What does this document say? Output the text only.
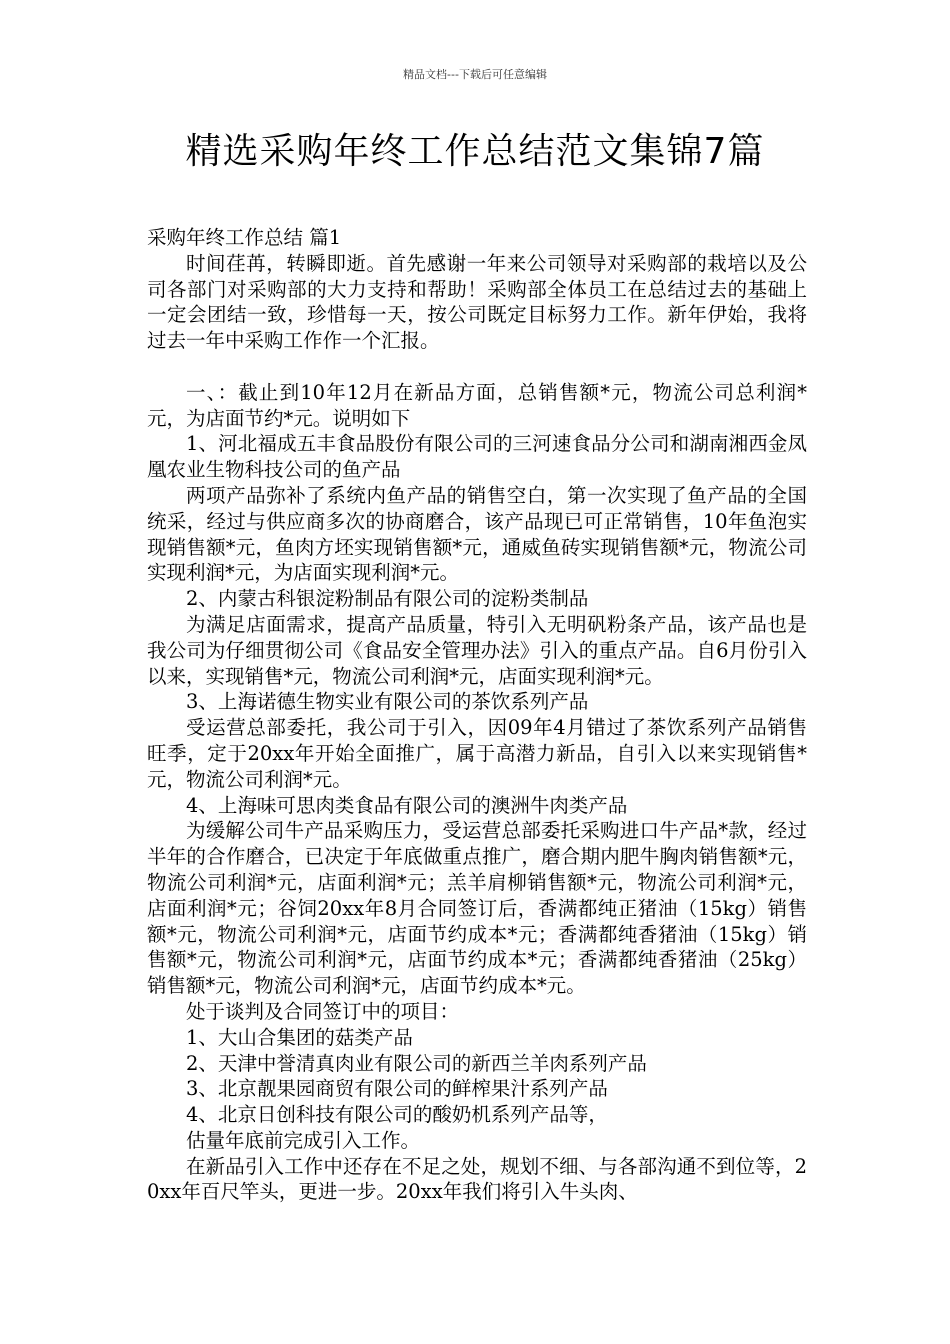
精品文档---下载后可任意编辑
精选采购年终工作总结范文集锦7篇

采购年终工作总结 篇1

时间荏苒，转瞬即逝。首先感谢一年来公司领导对采购部的栽培以及公司各部门对采购部的大力支持和帮助！采购部全体员工在总结过去的基础上一定会团结一致，珍惜每一天，按公司既定目标努力工作。新年伊始，我将过去一年中采购工作作一个汇报。

一、：截止到10年12月在新品方面，总销售额*元，物流公司总利润*元，为店面节约*元。说明如下

1、河北福成五丰食品股份有限公司的三河速食品分公司和湖南湘西金凤凰农业生物科技公司的鱼产品

两项产品弥补了系统内鱼产品的销售空白，第一次实现了鱼产品的全国统采，经过与供应商多次的协商磨合，该产品现已可正常销售，10年鱼泡实现销售额*元，鱼肉方坯实现销售额*元，通威鱼砖实现销售额*元，物流公司实现利润*元，为店面实现利润*元。

2、内蒙古科银淀粉制品有限公司的淀粉类制品

为满足店面需求，提高产品质量，特引入无明矾粉条产品，该产品也是我公司为仔细贯彻公司《食品安全管理办法》引入的重点产品。自6月份引入以来，实现销售*元，物流公司利润*元，店面实现利润*元。

3、上海诺德生物实业有限公司的茶饮系列产品

受运营总部委托，我公司于引入，因09年4月错过了茶饮系列产品销售旺季，定于20xx年开始全面推广，属于高潜力新品，自引入以来实现销售*元，物流公司利润*元。

4、上海味可思肉类食品有限公司的澳洲牛肉类产品

为缓解公司牛产品采购压力，受运营总部委托采购进口牛产品*款，经过半年的合作磨合，已决定于年底做重点推广，磨合期内肥牛胸肉销售额*元，物流公司利润*元，店面利润*元；羔羊肩柳销售额*元，物流公司利润*元，店面利润*元；谷饲20xx年8月合同签订后，香满都纯正猪油（15kg）销售额*元，物流公司利润*元，店面节约成本*元；香满都纯香猪油（15kg）销售额*元，物流公司利润*元，店面节约成本*元；香满都纯香猪油（25kg）销售额*元，物流公司利润*元，店面节约成本*元。

处于谈判及合同签订中的项目：

1、大山合集团的菇类产品

2、天津中誉清真肉业有限公司的新西兰羊肉系列产品

3、北京靓果园商贸有限公司的鲜榨果汁系列产品

4、北京日创科技有限公司的酸奶机系列产品等，

估量年底前完成引入工作。

在新品引入工作中还存在不足之处，规划不细、与各部沟通不到位等，20xx年百尺竿头，更进一步。20xx年我们将引入牛头肉、
